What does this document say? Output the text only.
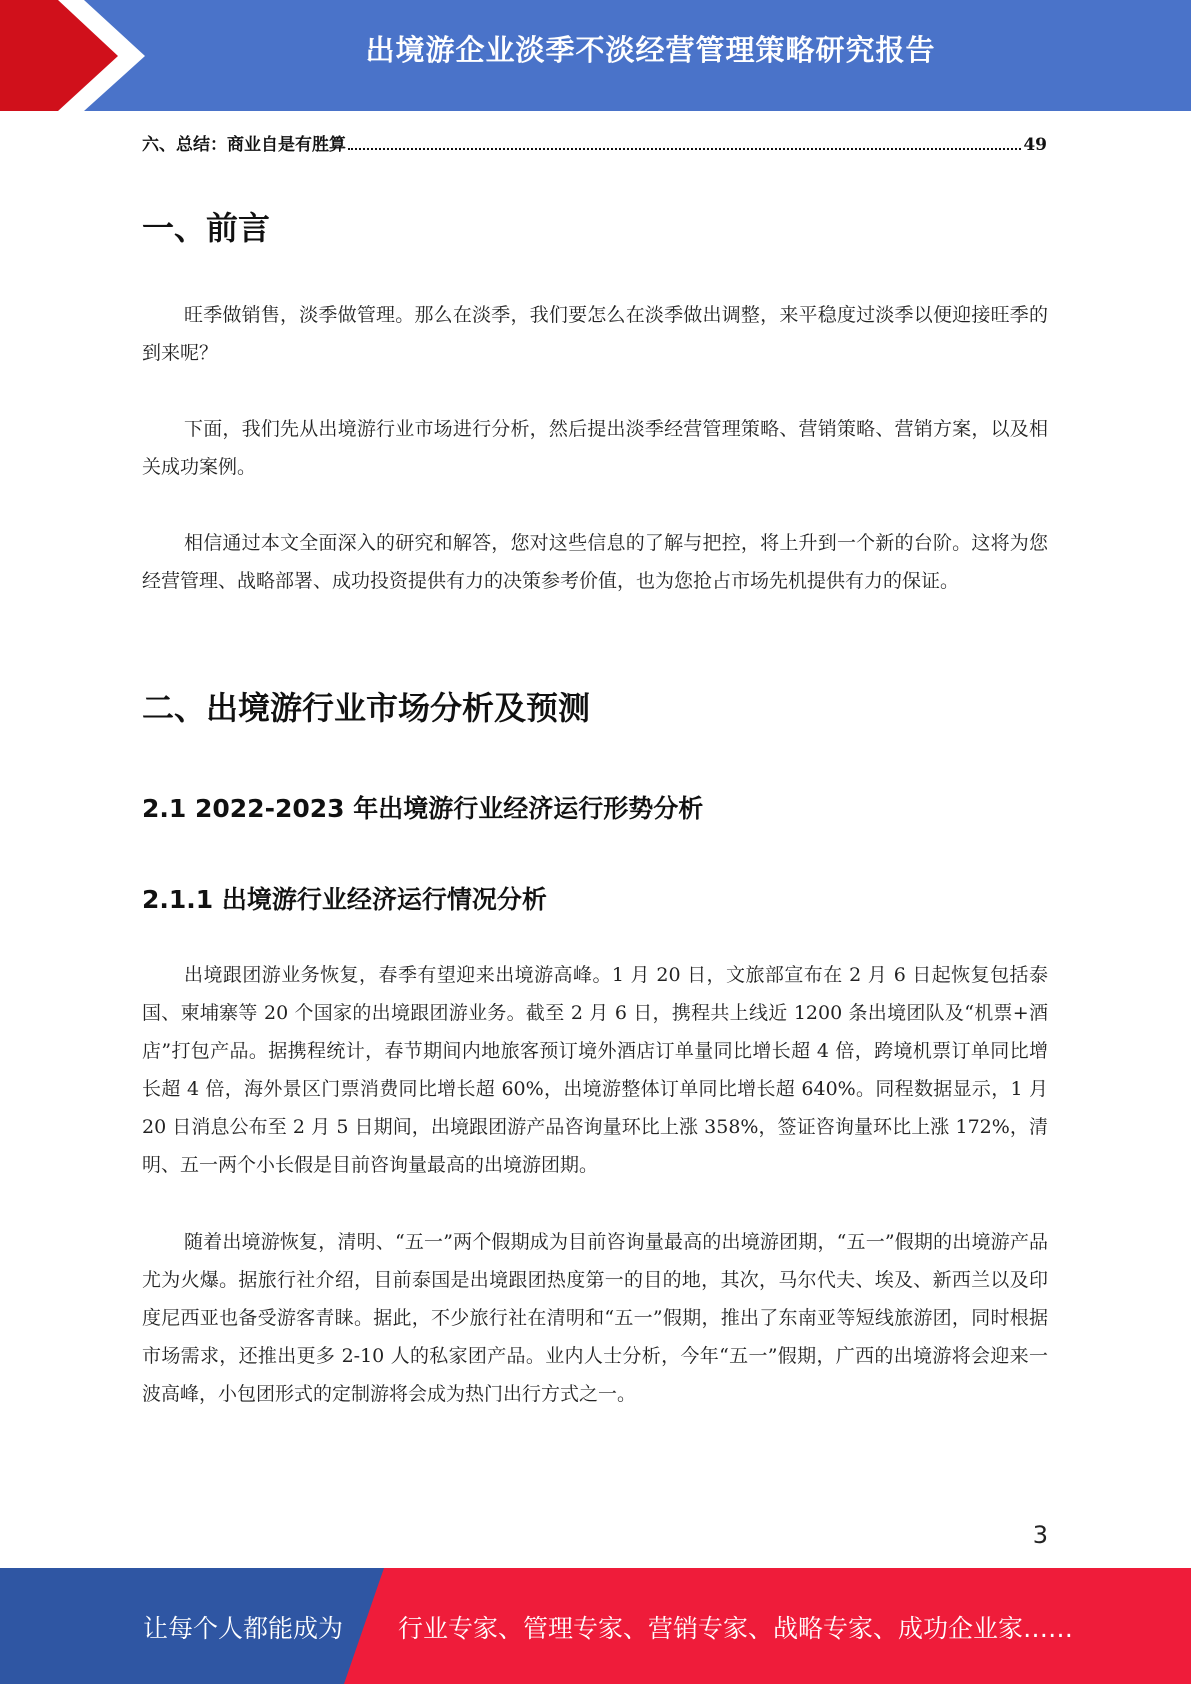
出境游企业淡季不淡经营管理策略研究报告
六、总结：商业自是有胜算	49
一、前言
旺季做销售，淡季做管理。那么在淡季，我们要怎么在淡季做出调整，来平稳度过淡季以便迎接旺季的到来呢？
下面，我们先从出境游行业市场进行分析，然后提出淡季经营管理策略、营销策略、营销方案，以及相关成功案例。
相信通过本文全面深入的研究和解答，您对这些信息的了解与把控，将上升到一个新的台阶。这将为您经营管理、战略部署、成功投资提供有力的决策参考价值，也为您抢占市场先机提供有力的保证。
二、出境游行业市场分析及预测
2.1 2022-2023 年出境游行业经济运行形势分析
2.1.1 出境游行业经济运行情况分析
出境跟团游业务恢复，春季有望迎来出境游高峰。1 月 20 日，文旅部宣布在 2 月 6 日起恢复包括泰国、柬埔寨等 20 个国家的出境跟团游业务。截至 2 月 6 日，携程共上线近 1200 条出境团队及“机票+酒店”打包产品。据携程统计，春节期间内地旅客预订境外酒店订单量同比增长超 4 倍，跨境机票订单同比增长超 4 倍，海外景区门票消费同比增长超 60%，出境游整体订单同比增长超 640%。同程数据显示，1 月 20 日消息公布至 2 月 5 日期间，出境跟团游产品咨询量环比上涨 358%，签证咨询量环比上涨 172%，清明、五一两个小长假是目前咨询量最高的出境游团期。
随着出境游恢复，清明、“五一”两个假期成为目前咨询量最高的出境游团期，“五一”假期的出境游产品尤为火爆。据旅行社介绍，目前泰国是出境跟团热度第一的目的地，其次，马尔代夫、埃及、新西兰以及印度尼西亚也备受游客青睐。据此，不少旅行社在清明和“五一”假期，推出了东南亚等短线旅游团，同时根据市场需求，还推出更多 2-10 人的私家团产品。业内人士分析，今年“五一”假期，广西的出境游将会迎来一波高峰，小包团形式的定制游将会成为热门出行方式之一。
3
让每个人都能成为 行业专家、管理专家、营销专家、战略专家、成功企业家……
